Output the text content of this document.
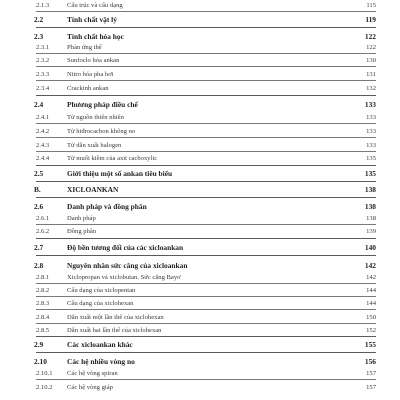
2.1.3	Cấu trúc và cấu dạng	115
2.2	Tính chất vật lý	119
2.3	Tính chất hóa học	122
2.3.1	Phản ứng thế	122
2.3.2	Sunfoclo hóa ankan	130
2.3.3	Nitro hóa pha hơi	131
2.3.4	Crackinh ankan	132
2.4	Phương pháp điều chế	133
2.4.1	Từ nguồn thiên nhiên	133
2.4.2	Từ hiđrocacbon không no	133
2.4.3	Từ dẫn xuất halogen	133
2.4.4	Từ muối kiềm của axit cacboxylic	135
2.5	Giới thiệu một số ankan tiêu biểu	135
B.	XICLOANKAN	138
2.6	Danh pháp và đồng phân	138
2.6.1	Danh pháp	138
2.6.2	Đồng phân	139
2.7	Độ bền tương đối của các xicloankan	140
2.8	Nguyên nhân sức căng của xicloankan	142
2.8.1	Xiclopropan và xiclobutan. Sức căng Bayơ	142
2.8.2	Cấu dạng của xiclopentan	144
2.8.3	Cấu dạng của xiclohexan	144
2.8.4	Dẫn xuất một lần thế của xiclohexan	150
2.8.5	Dẫn xuất hai lần thế của xiclohexan	152
2.9	Các xicloankan khác	155
2.10	Các hệ nhiều vòng no	156
2.10.1 Các hệ vòng spiran	157
2.10.2 Các hệ vòng giáp	157
